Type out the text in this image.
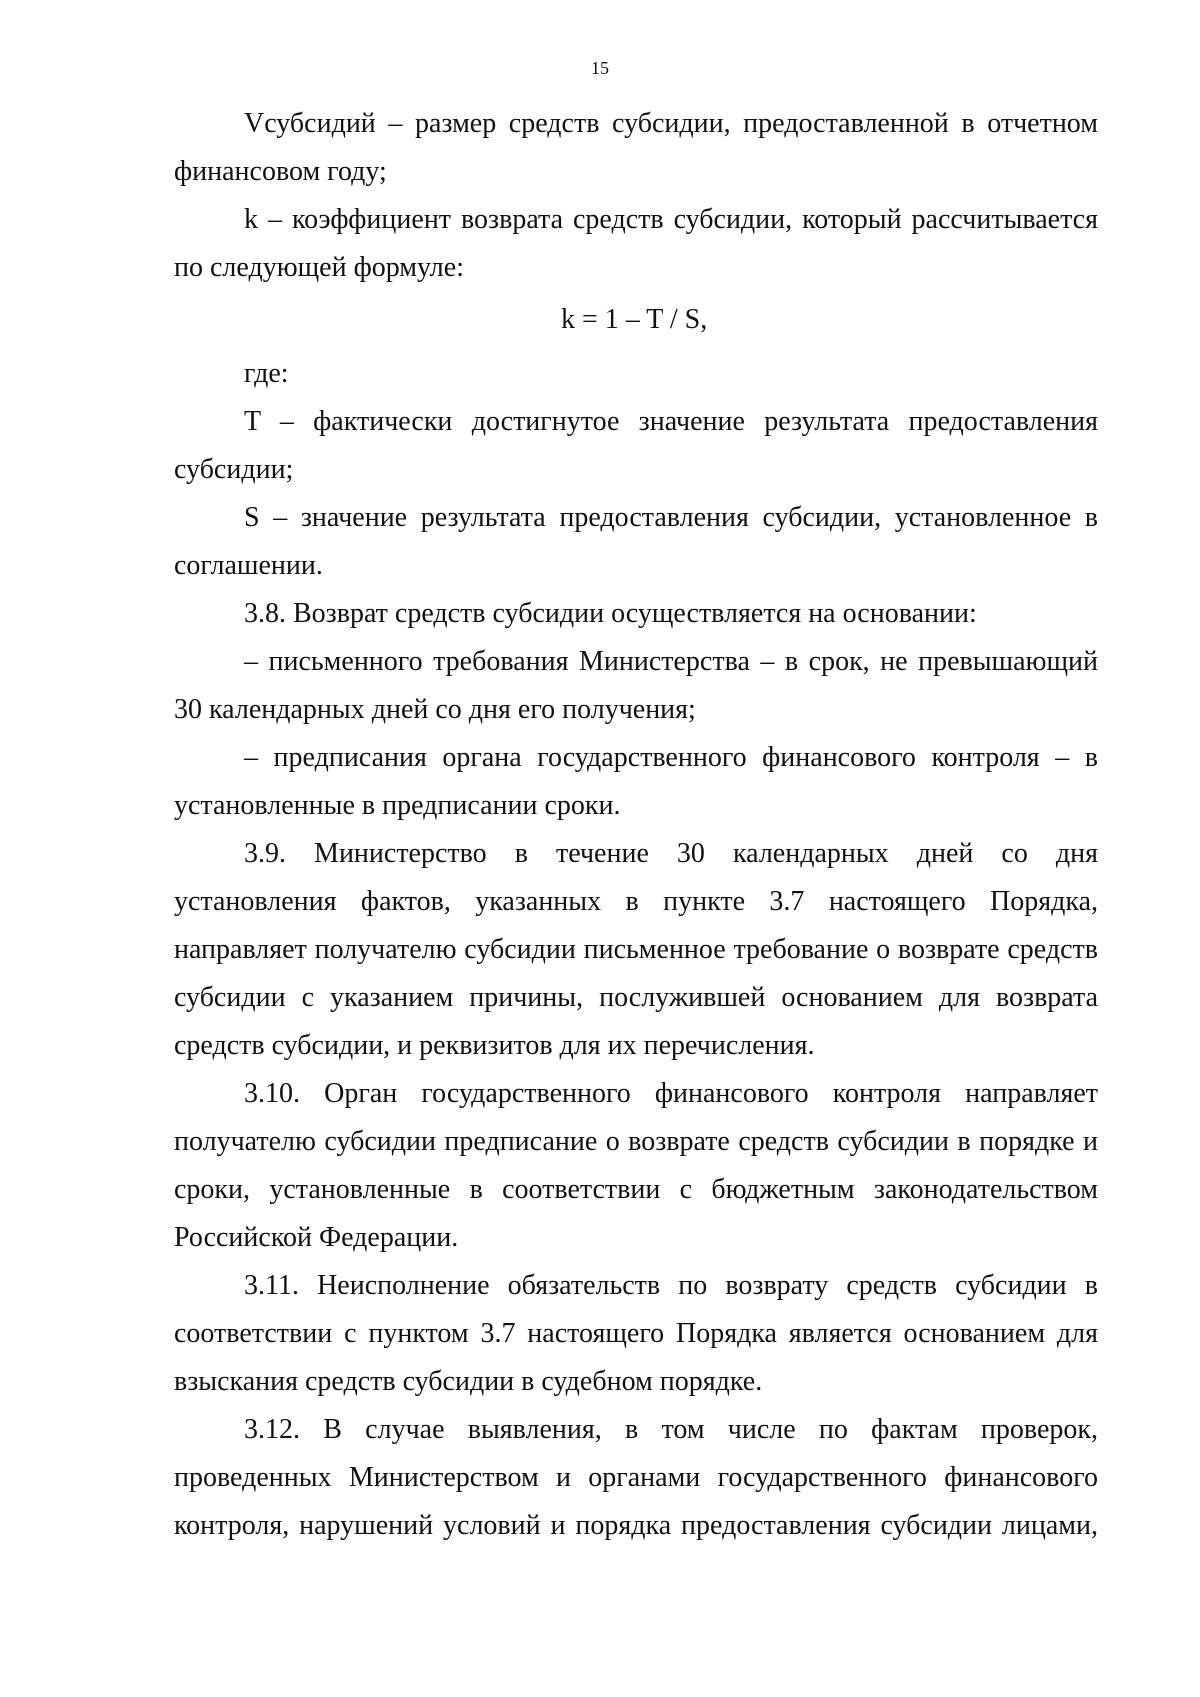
15

Vсубсидий – размер средств субсидии, предоставленной в отчетном финансовом году;

k – коэффициент возврата средств субсидии, который рассчитывается по следующей формуле:

k = 1 – T / S,

где:

T – фактически достигнутое значение результата предоставления субсидии;

S – значение результата предоставления субсидии, установленное в соглашении.

3.8. Возврат средств субсидии осуществляется на основании:

– письменного требования Министерства – в срок, не превышающий 30 календарных дней со дня его получения;

– предписания органа государственного финансового контроля – в установленные в предписании сроки.

3.9. Министерство в течение 30 календарных дней со дня установления фактов, указанных в пункте 3.7 настоящего Порядка, направляет получателю субсидии письменное требование о возврате средств субсидии с указанием причины, послужившей основанием для возврата средств субсидии, и реквизитов для их перечисления.

3.10. Орган государственного финансового контроля направляет получателю субсидии предписание о возврате средств субсидии в порядке и сроки, установленные в соответствии с бюджетным законодательством Российской Федерации.

3.11. Неисполнение обязательств по возврату средств субсидии в соответствии с пунктом 3.7 настоящего Порядка является основанием для взыскания средств субсидии в судебном порядке.

3.12. В случае выявления, в том числе по фактам проверок, проведенных Министерством и органами государственного финансового контроля, нарушений условий и порядка предоставления субсидии лицами,
